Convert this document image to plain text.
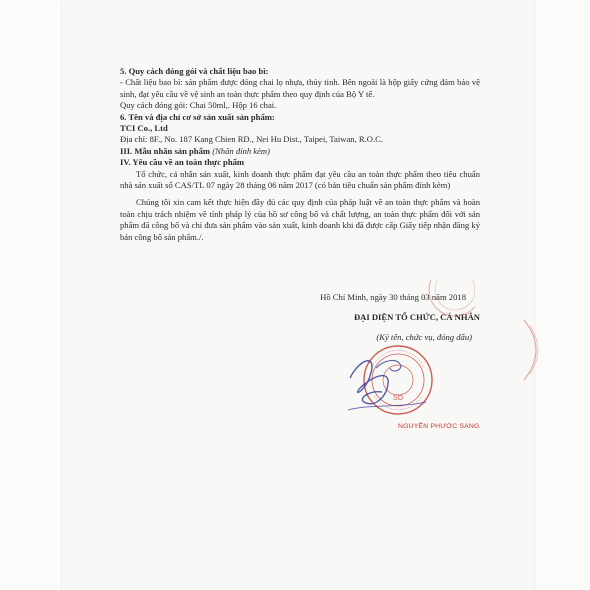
5. Quy cách đóng gói và chất liệu bao bì:

- Chất liệu bao bì: sản phẩm được đóng chai lọ nhựa, thủy tinh. Bên ngoài là hộp giấy cứng đảm bảo vệ sinh, đạt yêu cầu về vệ sinh an toàn thực phẩm theo quy định của Bộ Y tế.

Quy cách đóng gói: Chai 50ml,. Hộp 16 chai.

6. Tên và địa chỉ cơ sở sản xuất sản phẩm:

TCI Co., Ltd

Địa chỉ: 8F., No. 187 Kang Chien RD., Nei Hu Dist., Taipei, Taiwan, R.O.C.

III. Mẫu nhãn sản phẩm (Nhãn đính kèm)

IV. Yêu cầu về an toàn thực phẩm

Tổ chức, cá nhân sản xuất, kinh doanh thực phẩm đạt yêu cầu an toàn thực phẩm theo tiêu chuẩn nhà sản xuất số CAS/TL 07 ngày 28 tháng 06 năm 2017 (có bản tiêu chuẩn sản phẩm đính kèm)

Chúng tôi xin cam kết thực hiện đầy đủ các quy định của pháp luật về an toàn thực phẩm và hoàn toàn chịu trách nhiệm về tính pháp lý của hồ sơ công bố và chất lượng, an toàn thực phẩm đối với sản phẩm đã công bố và chỉ đưa sản phẩm vào sản xuất, kinh doanh khi đã được cấp Giấy tiếp nhận đăng ký bản công bố sản phẩm./.

Hồ Chí Minh, ngày 30 tháng 03 năm 2018

ĐẠI DIỆN TỔ CHỨC, CÁ NHÂN

(Ký tên, chức vụ, đóng dấu)

SO
NGUYỄN PHƯỚC SANG
